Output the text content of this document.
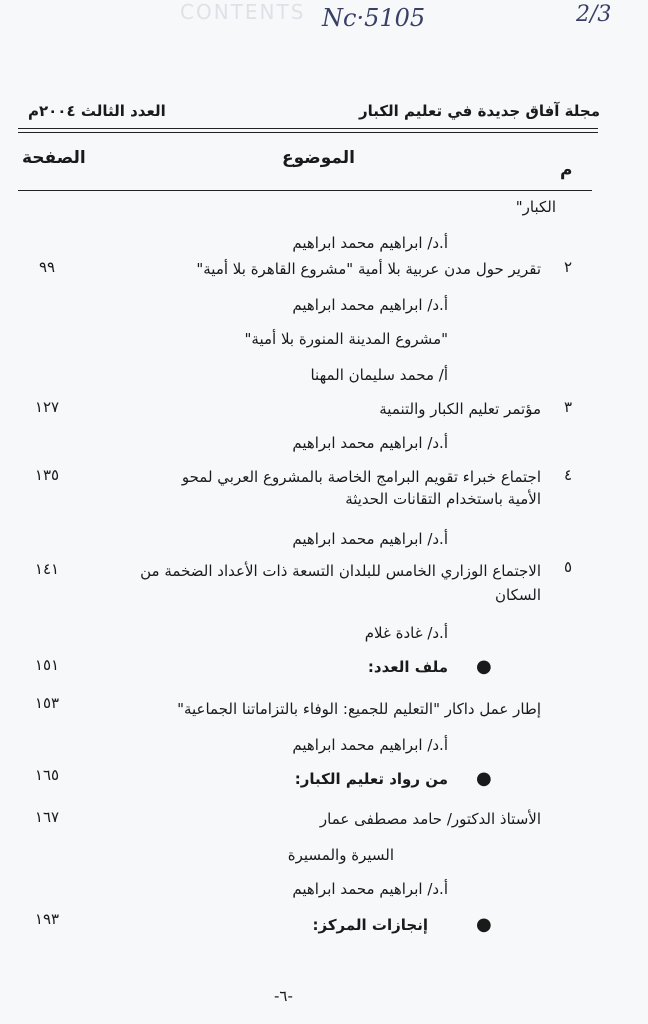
CONTENTS Nc·5105	2/3
مجلة آفاق جديدة في تعليم الكبار
العدد الثالث ٢٠٠٤م
م
الموضوع
الصفحة
الكبار"
أ.د/ ابراهيم محمد ابراهيم
٢
تقرير حول مدن عربية بلا أمية "مشروع القاهرة بلا أمية"
٩٩
أ.د/ ابراهيم محمد ابراهيم
"مشروع المدينة المنورة بلا أمية"
أ/ محمد سليمان المهنا
٣
مؤتمر تعليم الكبار والتنمية
١٢٧
أ.د/ ابراهيم محمد ابراهيم
٤
اجتماع خبراء تقويم البرامج الخاصة بالمشروع العربي لمحو
الأمية باستخدام التقانات الحديثة
١٣٥
أ.د/ ابراهيم محمد ابراهيم
٥
الاجتماع الوزاري الخامس للبلدان التسعة ذات الأعداد الضخمة من
السكان
١٤١
أ.د/ غادة غلام
●
ملف العدد:
١٥١
إطار عمل داكار "التعليم للجميع: الوفاء بالتزاماتنا الجماعية"
١٥٣
أ.د/ ابراهيم محمد ابراهيم
●
من رواد تعليم الكبار:
١٦٥
الأستاذ الدكتور/ حامد مصطفى عمار
١٦٧
السيرة والمسيرة
أ.د/ ابراهيم محمد ابراهيم
●
إنجازات المركز:
١٩٣
-٦-
